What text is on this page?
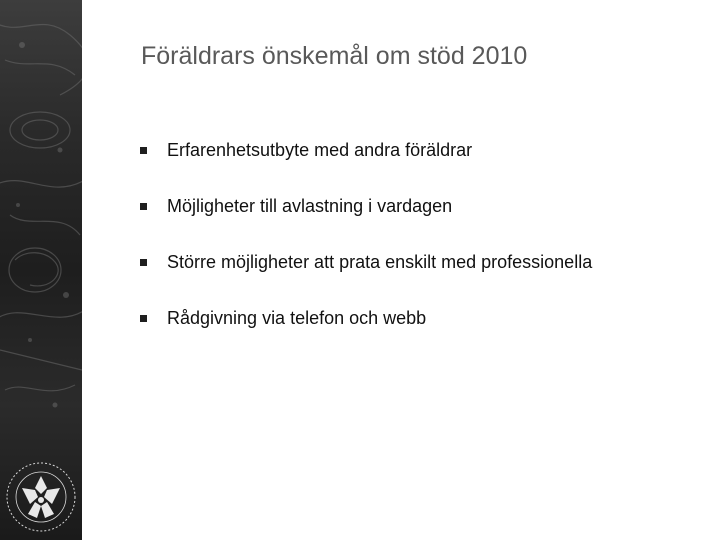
Föräldrars önskemål om stöd 2010
Erfarenhetsutbyte med andra föräldrar
Möjligheter till avlastning i vardagen
Större möjligheter att prata enskilt med professionella
Rådgivning via telefon och webb
